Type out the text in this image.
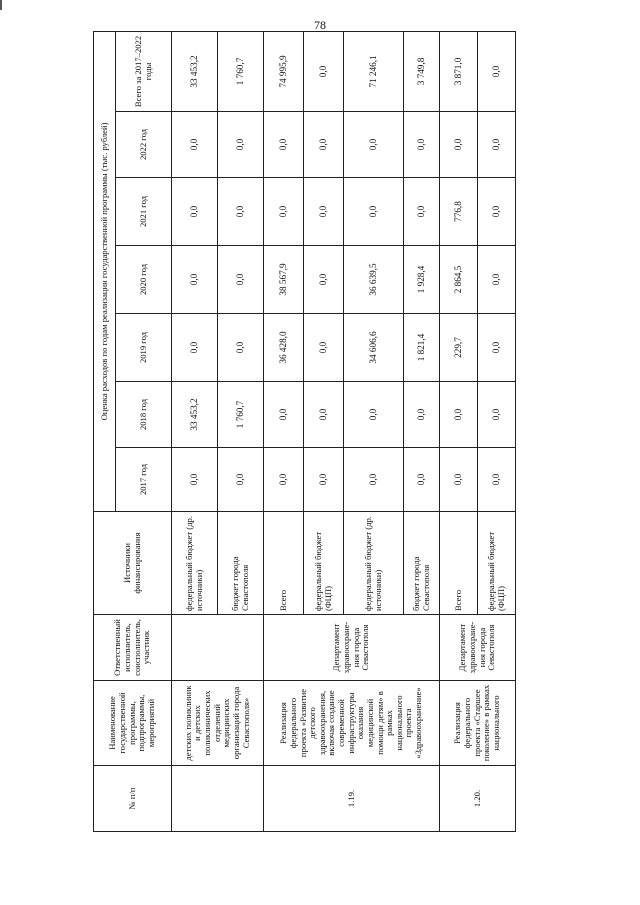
78
№ п/п	Наименование государственной программы, подпрограммы, мероприятий	Ответственный исполнитель, соисполнитель, участник	Источники финансирования	Оценка расходов по годам реализации государственной программы (тыс. рублей)						
				2017 год	2018 год	2019 год	2020 год	2021 год	2022 год	Всего за 2017–2022 годы
	детских поликлиник и детских поликлинических отделений медицинских организаций города Севастополя»		федеральный бюджет (др. источники)	0,0	33 453,2	0,0	0,0	0,0	0,0	33 453,2
			бюджет города Севастополя	0,0	1 760,7	0,0	0,0	0,0	0,0	1 760,7
1.19.	Реализация федерального проекта «Развитие детского здравоохранения, включая создание современной инфраструктуры оказания медицинской помощи детям» в рамках национального проекта «Здравоохранение»	Департамент здравоохране-ния города Севастополя	Всего	0,0	0,0	36 428,0	38 567,9	0,0	0,0	74 995,9
			федеральный бюджет (ФЦП)	0,0	0,0	0,0	0,0	0,0	0,0	0,0
			федеральный бюджет (др. источники)	0,0	0,0	34 606,6	36 639,5	0,0	0,0	71 246,1
			бюджет города Севастополя	0,0	0,0	1 821,4	1 928,4	0,0	0,0	3 749,8
1.20.	Реализация федерального проекта «Старшее поколение» в рамках национального	Департамент здравоохране-ния города Севастополя	Всего	0,0	0,0	229,7	2 864,5	776,8	0,0	3 871,0
			федеральный бюджет (ФЦП)	0,0	0,0	0,0	0,0	0,0	0,0	0,0
